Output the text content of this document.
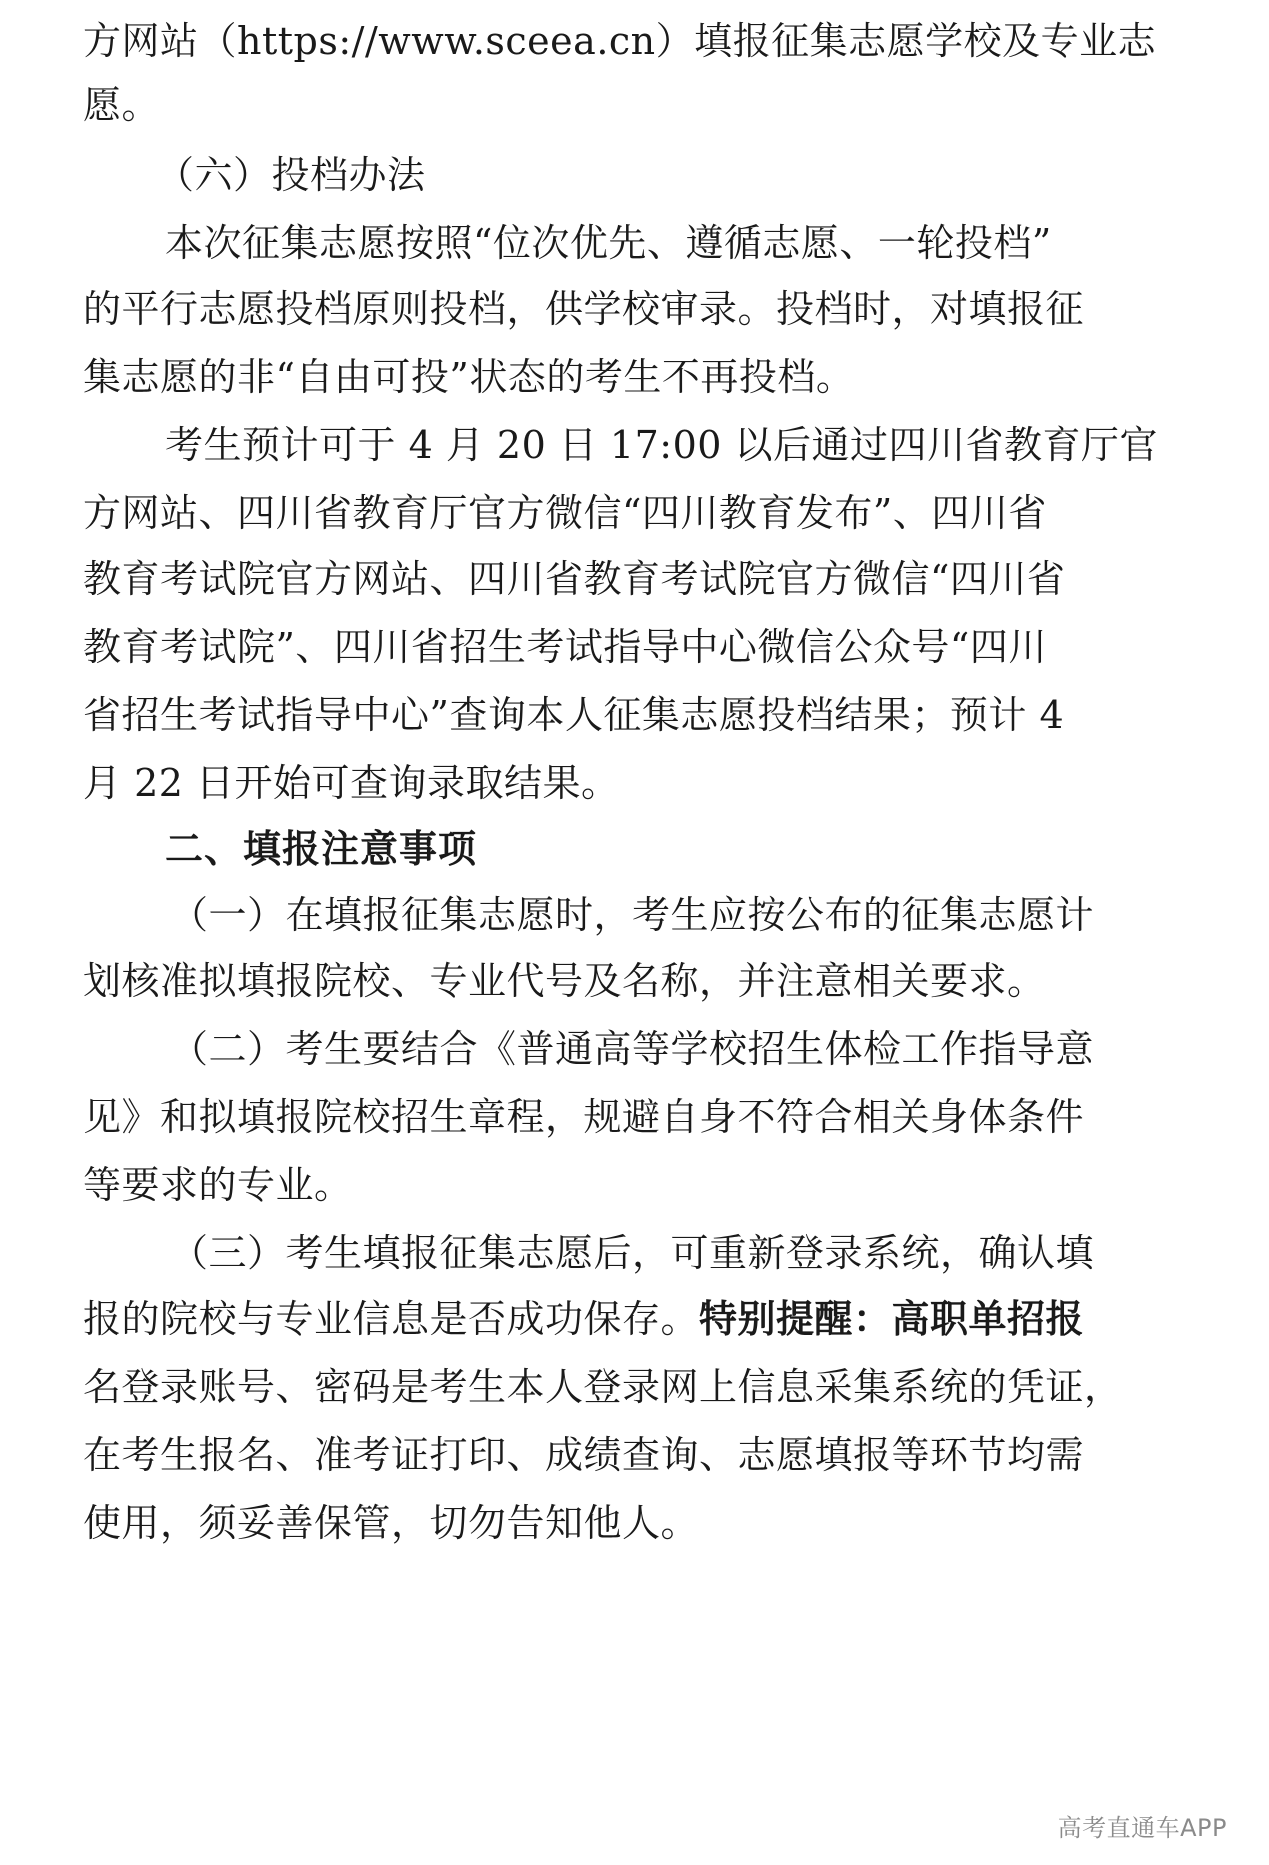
方网站（https://www.sceea.cn）填报征集志愿学校及专业志
愿。
（六）投档办法
本次征集志愿按照“位次优先、遵循志愿、一轮投档”
的平行志愿投档原则投档，供学校审录。投档时，对填报征
集志愿的非“自由可投”状态的考生不再投档。
考生预计可于 4 月 20 日 17:00 以后通过四川省教育厅官
方网站、四川省教育厅官方微信“四川教育发布”、四川省
教育考试院官方网站、四川省教育考试院官方微信“四川省
教育考试院”、四川省招生考试指导中心微信公众号“四川
省招生考试指导中心”查询本人征集志愿投档结果；预计 4
月 22 日开始可查询录取结果。
二、填报注意事项
（一）在填报征集志愿时，考生应按公布的征集志愿计
划核准拟填报院校、专业代号及名称，并注意相关要求。
（二）考生要结合《普通高等学校招生体检工作指导意
见》和拟填报院校招生章程，规避自身不符合相关身体条件
等要求的专业。
（三）考生填报征集志愿后，可重新登录系统，确认填
报的院校与专业信息是否成功保存。特别提醒：高职单招报
名登录账号、密码是考生本人登录网上信息采集系统的凭证，
在考生报名、准考证打印、成绩查询、志愿填报等环节均需
使用，须妥善保管，切勿告知他人。
高考直通车APP
